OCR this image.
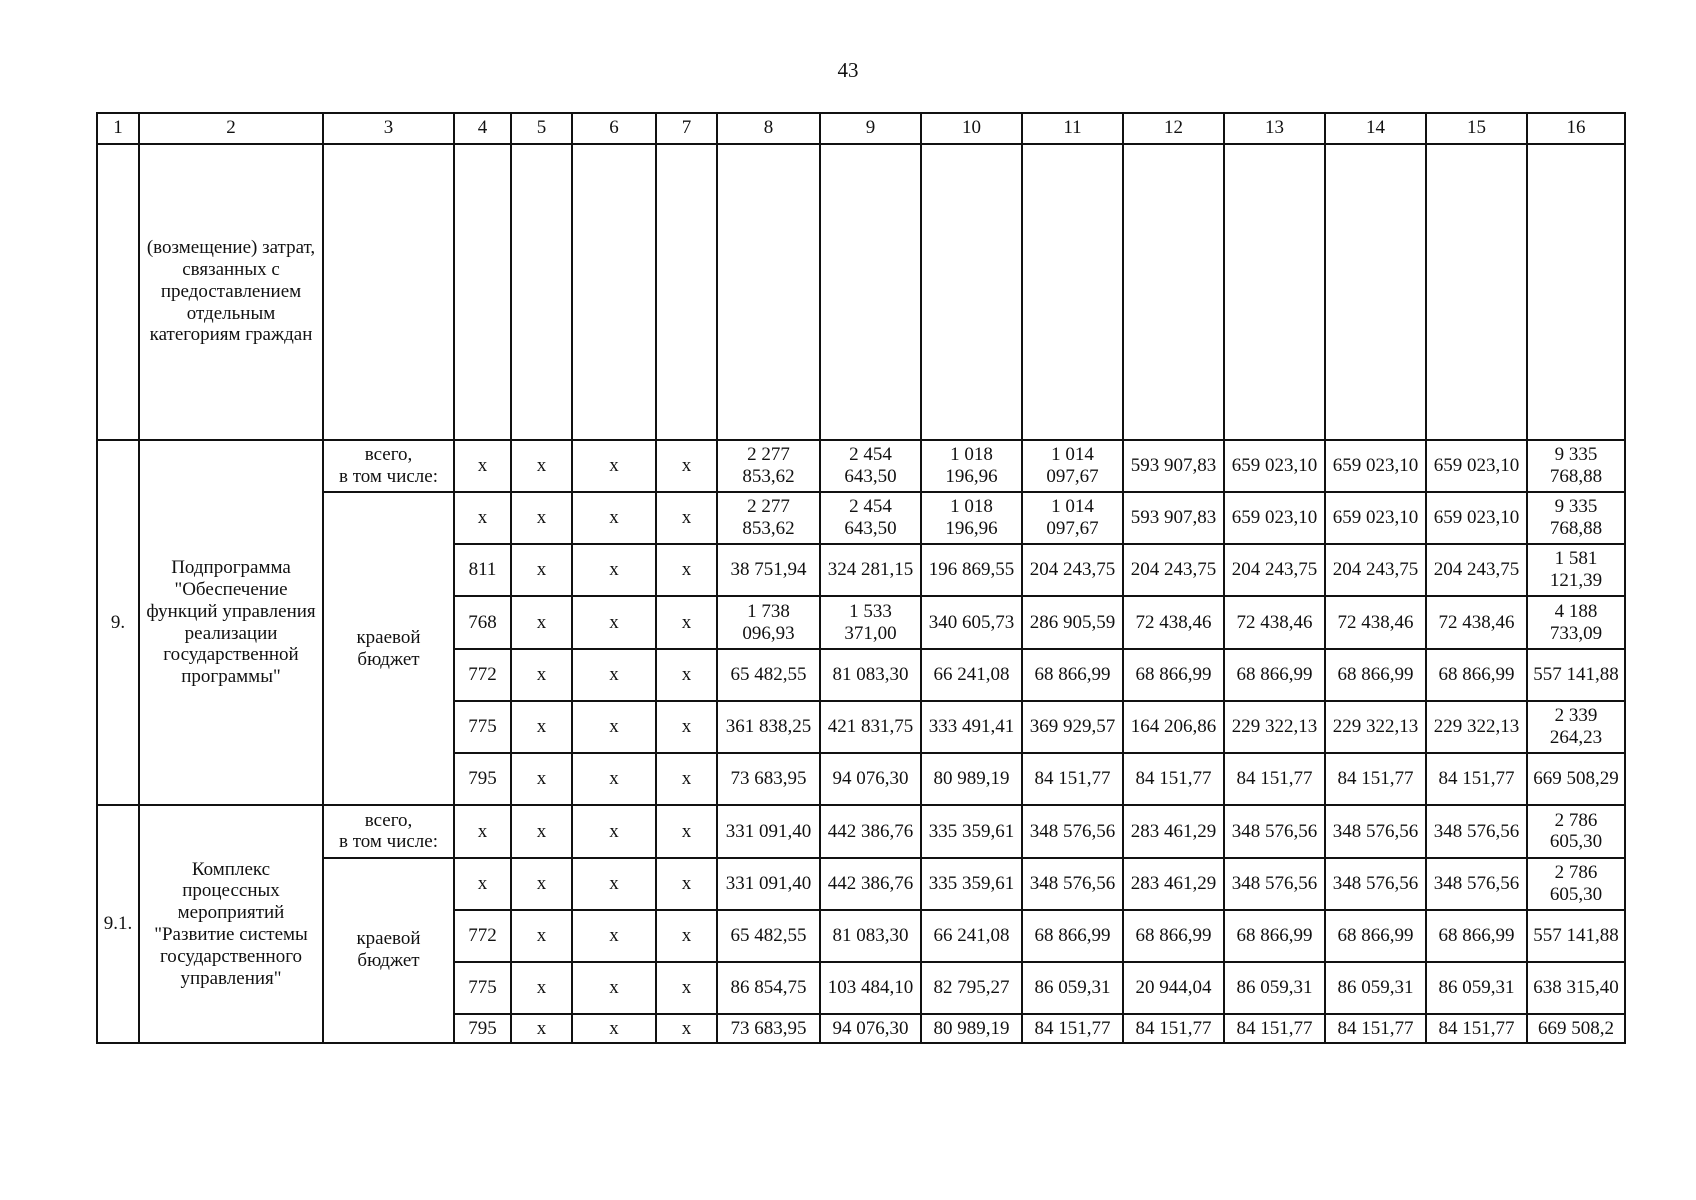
43
1	2	3	4	5	6	7	8	9	10	11	12	13	14	15	16
	(возмещение) затрат, связанных с предоставлением отдельным категориям граждан														
9.	Подпрограмма "Обеспечение функций управления реализации государственной программы"	всего,
в том числе:	x	x	x	x	2 277 853,62	2 454 643,50	1 018 196,96	1 014 097,67	593 907,83	659 023,10	659 023,10	659 023,10	9 335 768,88
		краевой бюджет	x	x	x	x	2 277 853,62	2 454 643,50	1 018 196,96	1 014 097,67	593 907,83	659 023,10	659 023,10	659 023,10	9 335 768,88
			811	x	x	x	38 751,94	324 281,15	196 869,55	204 243,75	204 243,75	204 243,75	204 243,75	204 243,75	1 581 121,39
			768	x	x	x	1 738 096,93	1 533 371,00	340 605,73	286 905,59	72 438,46	72 438,46	72 438,46	72 438,46	4 188 733,09
			772	x	x	x	65 482,55	81 083,30	66 241,08	68 866,99	68 866,99	68 866,99	68 866,99	68 866,99	557 141,88
			775	x	x	x	361 838,25	421 831,75	333 491,41	369 929,57	164 206,86	229 322,13	229 322,13	229 322,13	2 339 264,23
			795	x	x	x	73 683,95	94 076,30	80 989,19	84 151,77	84 151,77	84 151,77	84 151,77	84 151,77	669 508,29
9.1.	Комплекс процессных мероприятий "Развитие системы государственного управления"	всего,
в том числе:	x	x	x	x	331 091,40	442 386,76	335 359,61	348 576,56	283 461,29	348 576,56	348 576,56	348 576,56	2 786 605,30
		краевой бюджет	x	x	x	x	331 091,40	442 386,76	335 359,61	348 576,56	283 461,29	348 576,56	348 576,56	348 576,56	2 786 605,30
			772	x	x	x	65 482,55	81 083,30	66 241,08	68 866,99	68 866,99	68 866,99	68 866,99	68 866,99	557 141,88
			775	x	x	x	86 854,75	103 484,10	82 795,27	86 059,31	20 944,04	86 059,31	86 059,31	86 059,31	638 315,40
			795	x	x	x	73 683,95	94 076,30	80 989,19	84 151,77	84 151,77	84 151,77	84 151,77	84 151,77	669 508,2
